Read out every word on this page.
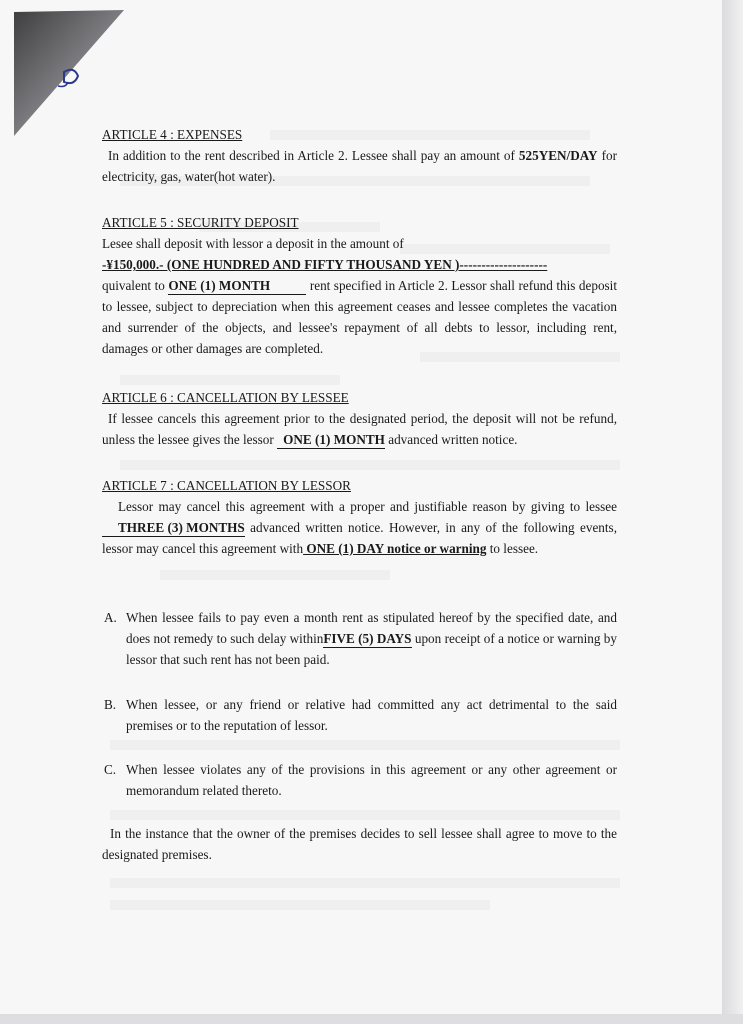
ARTICLE 4 : EXPENSES

In addition to the rent described in Article 2. Lessee shall pay an amount of 525YEN/DAY for electricity, gas, water(hot water).

ARTICLE 5 : SECURITY DEPOSIT
Lesee shall deposit with lessor a deposit in the amount of
-¥150,000.- (ONE HUNDRED AND FIFTY THOUSAND YEN )--------------------

quivalent to ONE (1) MONTH	rent specified in Article 2. Lessor shall refund this deposit to lessee, subject to depreciation when this agreement ceases and lessee completes the vacation and surrender of the objects, and lessee's repayment of all debts to lessor, including rent, damages or other damages are completed.

ARTICLE 6 : CANCELLATION BY LESSEE

If lessee cancels this agreement prior to the designated period, the deposit will not be refund, unless the lessee gives the lessor ONE (1) MONTH advanced written notice.

ARTICLE 7 : CANCELLATION BY LESSOR

Lessor may cancel this agreement with a proper and justifiable reason by giving to lessee THREE (3) MONTHS advanced written notice. However, in any of the following events, lessor may cancel this agreement with ONE (1) DAY notice or warning to lessee.

A. When lessee fails to pay even a month rent as stipulated hereof by the specified date, and does not remedy to such delay withinFIVE (5) DAYS upon receipt of a notice or warning by lessor that such rent has not been paid.

B. When lessee, or any friend or relative had committed any act detrimental to the said premises or to the reputation of lessor.

C. When lessee violates any of the provisions in this agreement or any other agreement or memorandum related thereto.

In the instance that the owner of the premises decides to sell lessee shall agree to move to the designated premises.
